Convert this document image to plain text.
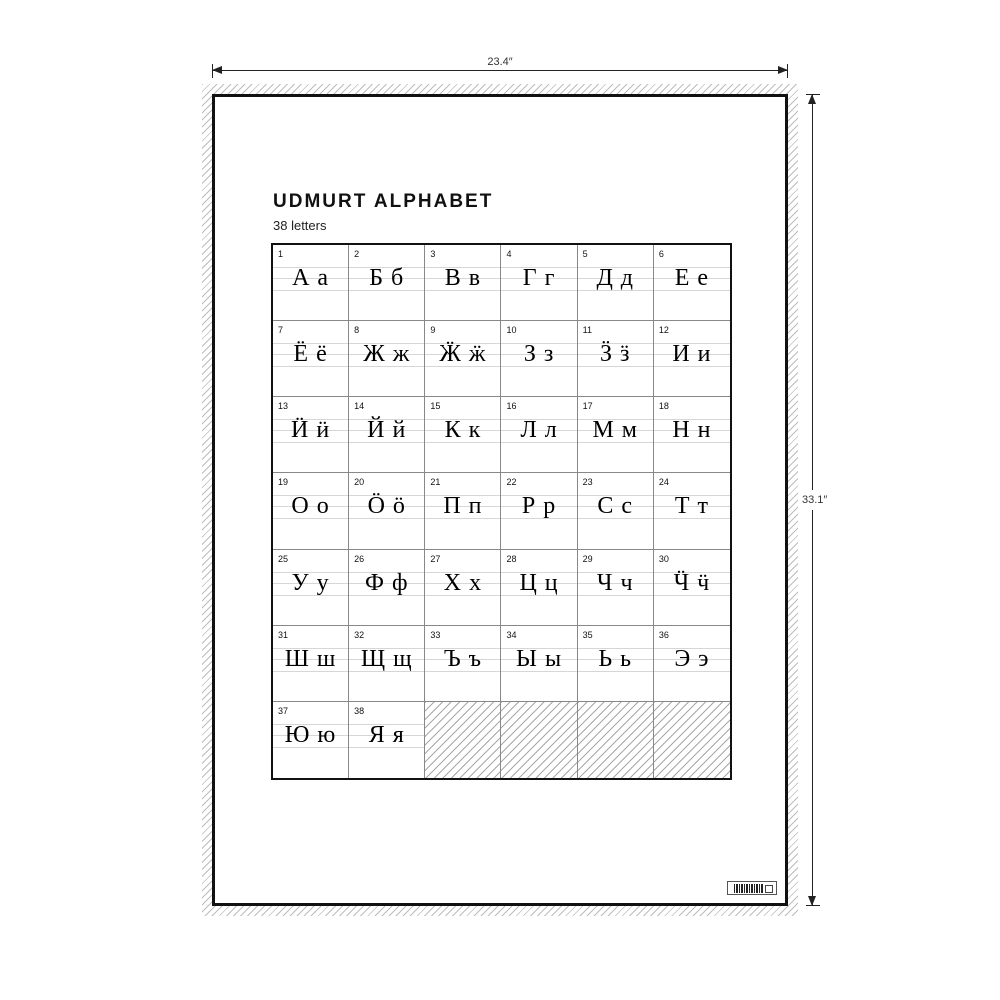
23.4″
33.1″
UDMURT ALPHABET
38 letters
1
А а
2
Б б
3
В в
4
Г г
5
Д д
6
Е е
7
Ё ё
8
Ж ж
9
Ӝ ӝ
10
З з
11
Ӟ ӟ
12
И и
13
Ӥ ӥ
14
Й й
15
К к
16
Л л
17
М м
18
Н н
19
О о
20
Ӧ ӧ
21
П п
22
Р р
23
С с
24
Т т
25
У у
26
Ф ф
27
Х х
28
Ц ц
29
Ч ч
30
Ӵ ӵ
31
Ш ш
32
Щ щ
33
Ъ ъ
34
Ы ы
35
Ь ь
36
Э э
37
Ю ю
38
Я я
